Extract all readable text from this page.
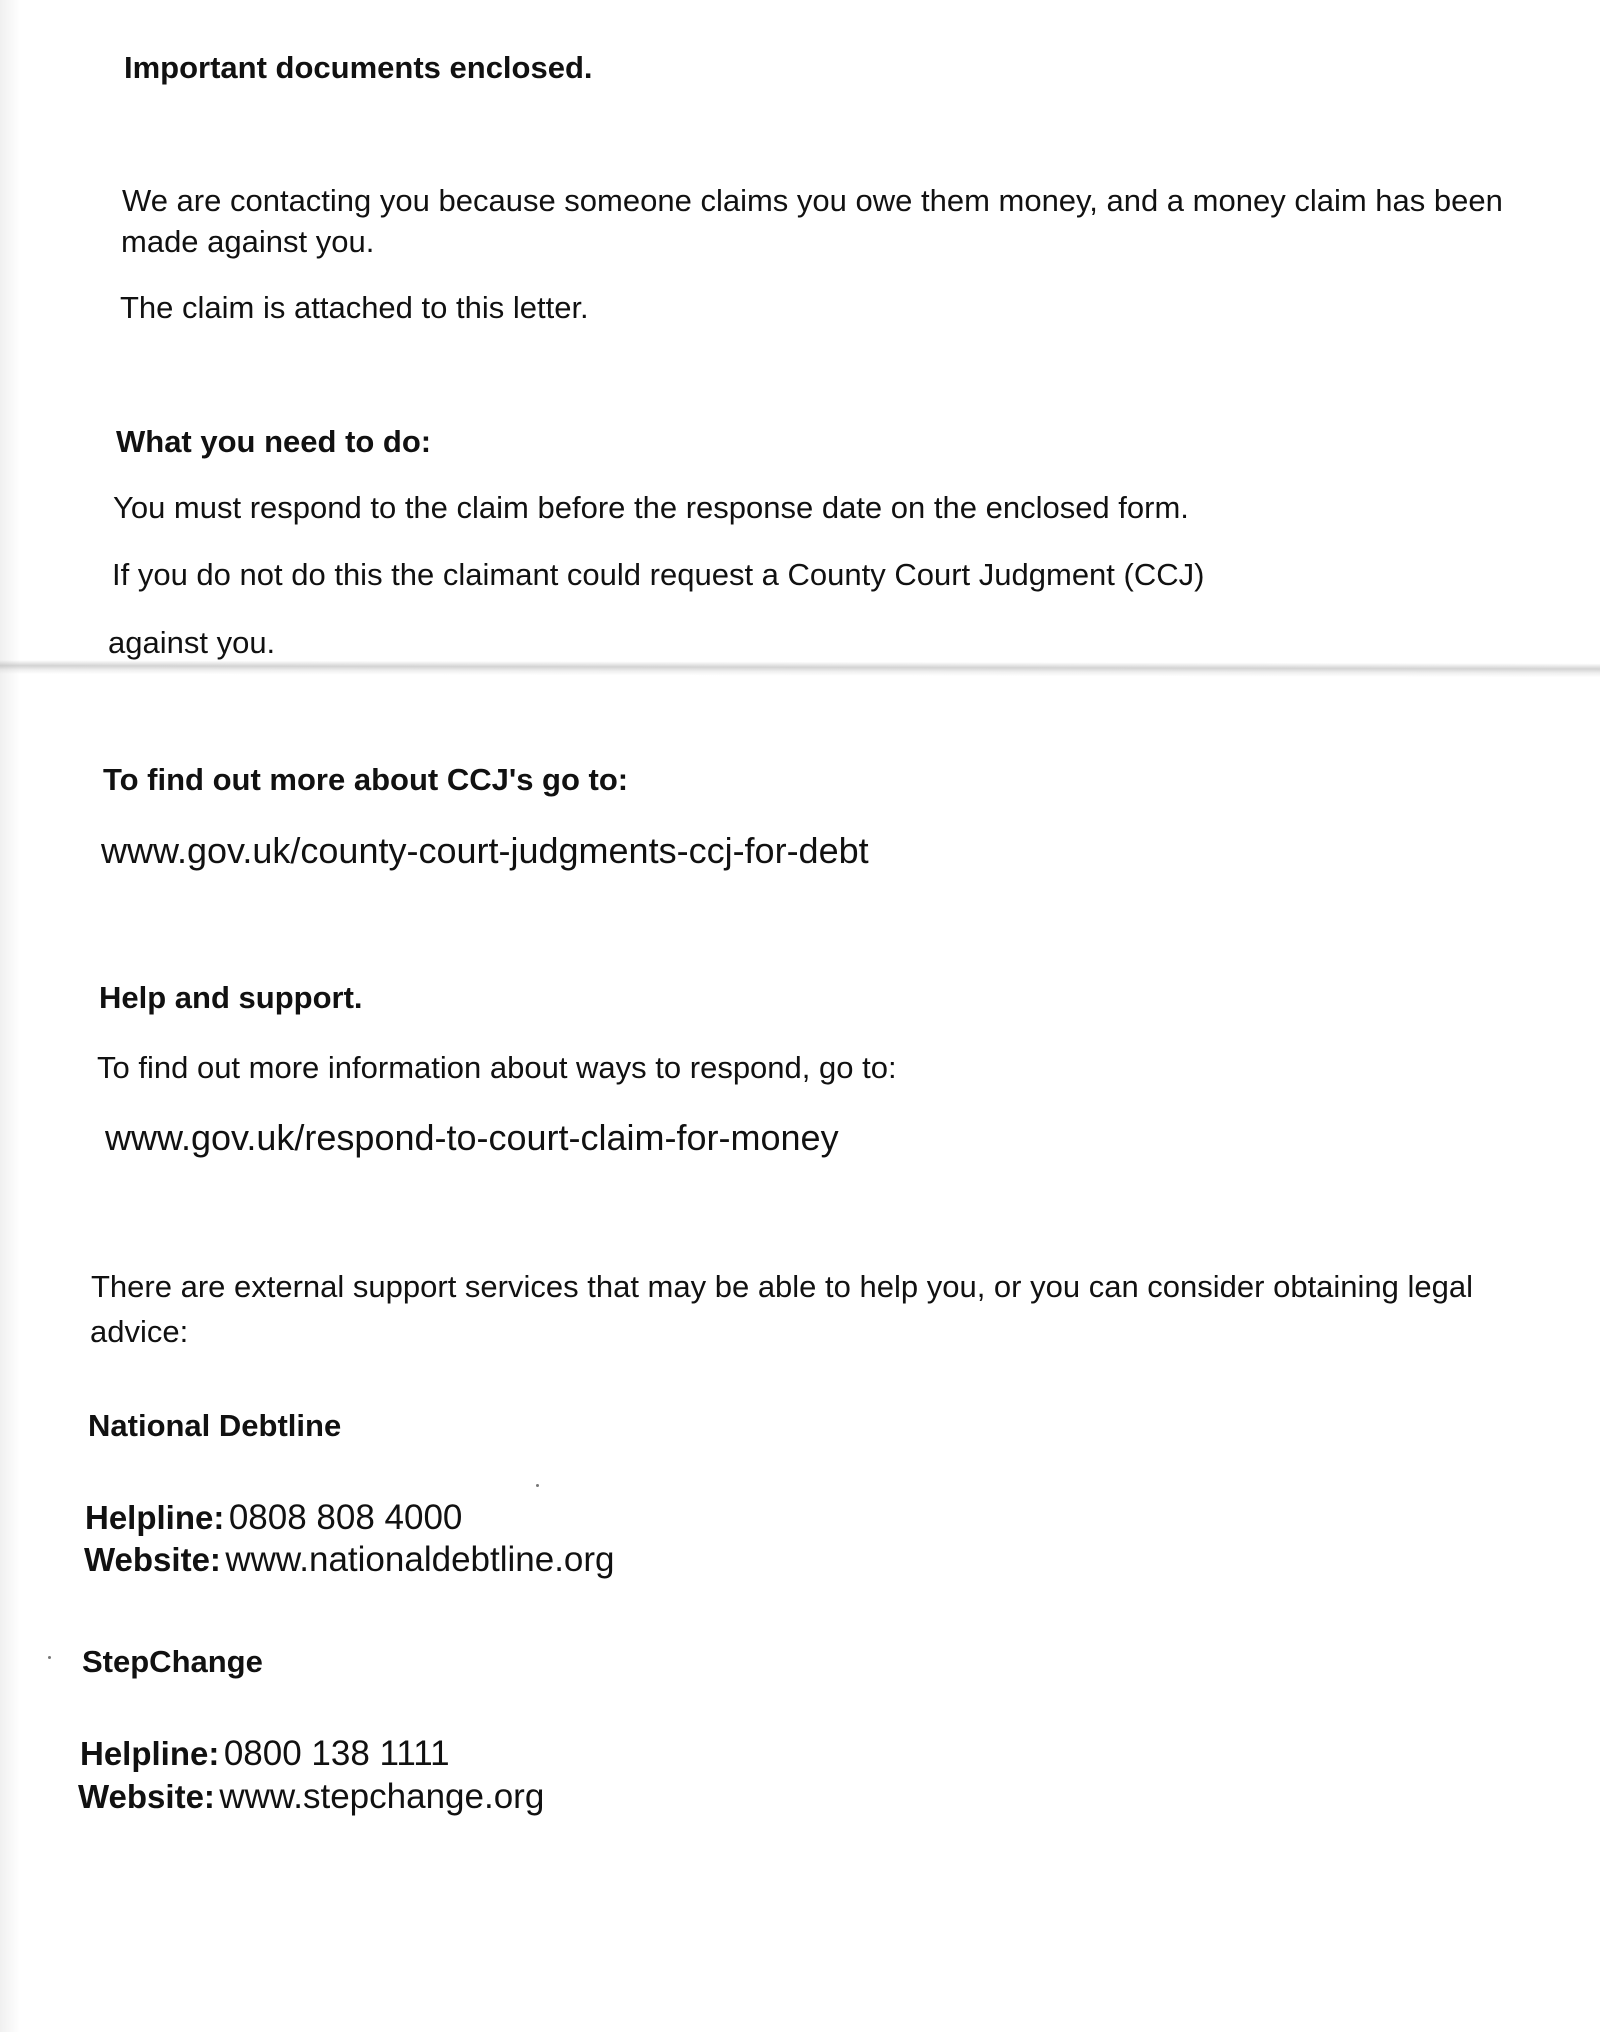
Important documents enclosed.

We are contacting you because someone claims you owe them money, and a money claim has been

made against you.

The claim is attached to this letter.

What you need to do:

You must respond to the claim before the response date on the enclosed form.

If you do not do this the claimant could request a County Court Judgment (CCJ)

against you.

To find out more about CCJ's go to:

www.gov.uk/county-court-judgments-ccj-for-debt

Help and support.

To find out more information about ways to respond, go to:

www.gov.uk/respond-to-court-claim-for-money

There are external support services that may be able to help you, or you can consider obtaining legal

advice:

National Debtline

Helpline: 0808 808 4000

Website: www.nationaldebtline.org

StepChange

Helpline: 0800 138 1111

Website: www.stepchange.org
